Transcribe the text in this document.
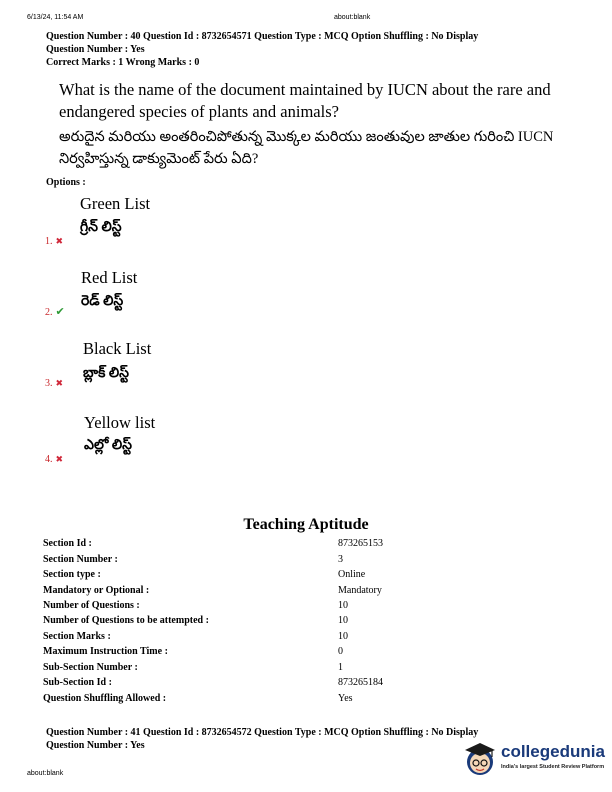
6/13/24, 11:54 AM	about:blank
Question Number : 40 Question Id : 8732654571 Question Type : MCQ Option Shuffling : No Display
Question Number : Yes
Correct Marks : 1 Wrong Marks : 0
What is the name of the document maintained by IUCN about the rare and endangered species of plants and animals?
అరుదైన మరియు అంతరించిపోతున్న మొక్కల మరియు జంతువుల జాతుల గురించి IUCN నిర్వహిస్తున్న డాక్యుమెంట్ పేరు ఏది?
Options :
Green List
గ్రీన్ లిస్ట్
1. ✖
Red List
రెడ్ లిస్ట్
2. ✔
Black List
బ్లాక్ లిస్ట్
3. ✖
Yellow list
ఎల్లో లిస్ట్
4. ✖
Teaching Aptitude
Section Id :	873265153
Section Number :	3
Section type :	Online
Mandatory or Optional :	Mandatory
Number of Questions :	10
Number of Questions to be attempted :	10
Section Marks :	10
Maximum Instruction Time :	0
Sub-Section Number :	1
Sub-Section Id :	873265184
Question Shuffling Allowed :	Yes
Question Number : 41 Question Id : 8732654572 Question Type : MCQ Option Shuffling : No Display
Question Number : Yes
about:blank
collegedunia
India's largest Student Review Platform
